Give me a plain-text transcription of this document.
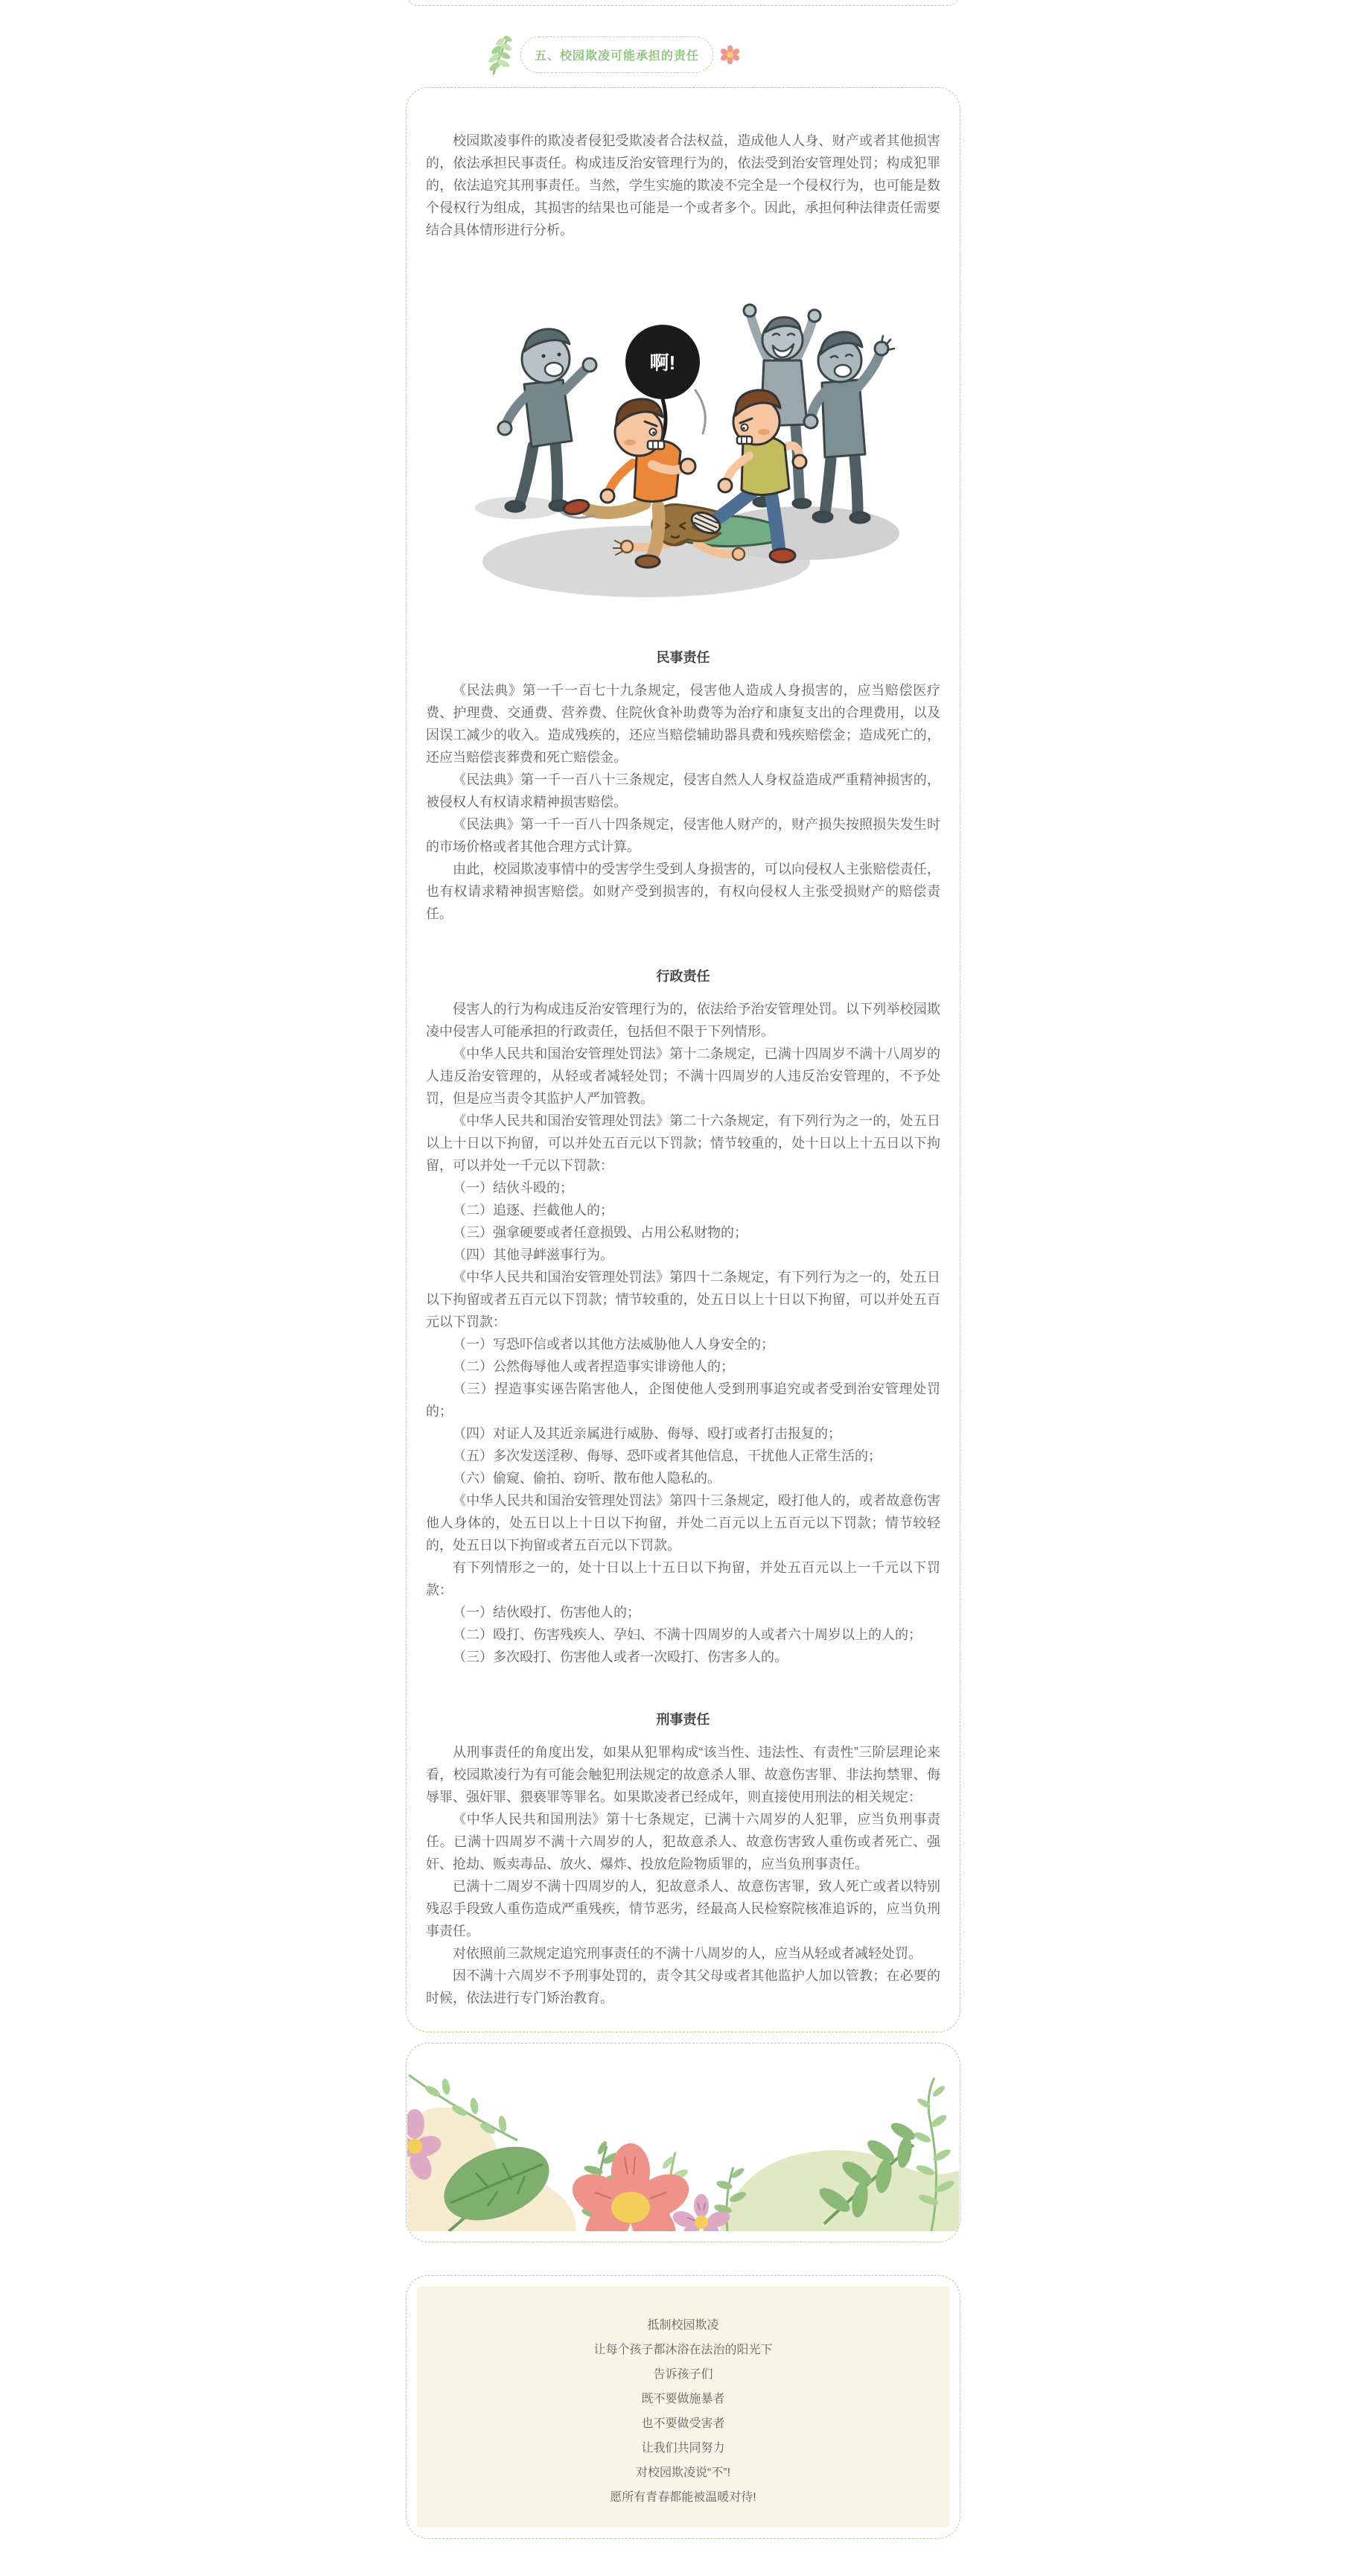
五、校园欺凌可能承担的责任

校园欺凌事件的欺凌者侵犯受欺凌者合法权益，造成他人人身、财产或者其他损害的，依法承担民事责任。构成违反治安管理行为的，依法受到治安管理处罚；构成犯罪的，依法追究其刑事责任。当然，学生实施的欺凌不完全是一个侵权行为，也可能是数个侵权行为组成，其损害的结果也可能是一个或者多个。因此，承担何种法律责任需要结合具体情形进行分析。

啊!
民事责任

《民法典》第一千一百七十九条规定，侵害他人造成人身损害的，应当赔偿医疗费、护理费、交通费、营养费、住院伙食补助费等为治疗和康复支出的合理费用，以及因误工减少的收入。造成残疾的，还应当赔偿辅助器具费和残疾赔偿金；造成死亡的，还应当赔偿丧葬费和死亡赔偿金。

《民法典》第一千一百八十三条规定，侵害自然人人身权益造成严重精神损害的，被侵权人有权请求精神损害赔偿。

《民法典》第一千一百八十四条规定，侵害他人财产的，财产损失按照损失发生时的市场价格或者其他合理方式计算。

由此，校园欺凌事情中的受害学生受到人身损害的，可以向侵权人主张赔偿责任，也有权请求精神损害赔偿。如财产受到损害的，有权向侵权人主张受损财产的赔偿责任。

行政责任

侵害人的行为构成违反治安管理行为的，依法给予治安管理处罚。以下列举校园欺凌中侵害人可能承担的行政责任，包括但不限于下列情形。

《中华人民共和国治安管理处罚法》第十二条规定，已满十四周岁不满十八周岁的人违反治安管理的，从轻或者减轻处罚；不满十四周岁的人违反治安管理的，不予处罚，但是应当责令其监护人严加管教。

《中华人民共和国治安管理处罚法》第二十六条规定，有下列行为之一的，处五日以上十日以下拘留，可以并处五百元以下罚款；情节较重的，处十日以上十五日以下拘留，可以并处一千元以下罚款：

（一）结伙斗殴的；

（二）追逐、拦截他人的；

（三）强拿硬要或者任意损毁、占用公私财物的；

（四）其他寻衅滋事行为。

《中华人民共和国治安管理处罚法》第四十二条规定，有下列行为之一的，处五日以下拘留或者五百元以下罚款；情节较重的，处五日以上十日以下拘留，可以并处五百元以下罚款：

（一）写恐吓信或者以其他方法威胁他人人身安全的；

（二）公然侮辱他人或者捏造事实诽谤他人的；

（三）捏造事实诬告陷害他人，企图使他人受到刑事追究或者受到治安管理处罚的；

（四）对证人及其近亲属进行威胁、侮辱、殴打或者打击报复的；

（五）多次发送淫秽、侮辱、恐吓或者其他信息，干扰他人正常生活的；

（六）偷窥、偷拍、窃听、散布他人隐私的。

《中华人民共和国治安管理处罚法》第四十三条规定，殴打他人的，或者故意伤害他人身体的，处五日以上十日以下拘留，并处二百元以上五百元以下罚款；情节较轻的，处五日以下拘留或者五百元以下罚款。

有下列情形之一的，处十日以上十五日以下拘留，并处五百元以上一千元以下罚款：

（一）结伙殴打、伤害他人的；

（二）殴打、伤害残疾人、孕妇、不满十四周岁的人或者六十周岁以上的人的；

（三）多次殴打、伤害他人或者一次殴打、伤害多人的。

刑事责任

从刑事责任的角度出发，如果从犯罪构成“该当性、违法性、有责性”三阶层理论来看，校园欺凌行为有可能会触犯刑法规定的故意杀人罪、故意伤害罪、非法拘禁罪、侮辱罪、强奸罪、猥亵罪等罪名。如果欺凌者已经成年，则直接使用刑法的相关规定：

《中华人民共和国刑法》第十七条规定，已满十六周岁的人犯罪，应当负刑事责任。已满十四周岁不满十六周岁的人，犯故意杀人、故意伤害致人重伤或者死亡、强奸、抢劫、贩卖毒品、放火、爆炸、投放危险物质罪的，应当负刑事责任。

已满十二周岁不满十四周岁的人，犯故意杀人、故意伤害罪，致人死亡或者以特别残忍手段致人重伤造成严重残疾，情节恶劣，经最高人民检察院核准追诉的，应当负刑事责任。

对依照前三款规定追究刑事责任的不满十八周岁的人，应当从轻或者减轻处罚。

因不满十六周岁不予刑事处罚的，责令其父母或者其他监护人加以管教；在必要的时候，依法进行专门矫治教育。

抵制校园欺凌
让每个孩子都沐浴在法治的阳光下
告诉孩子们
既不要做施暴者
也不要做受害者
让我们共同努力
对校园欺凌说“不”!
愿所有青春都能被温暖对待!
